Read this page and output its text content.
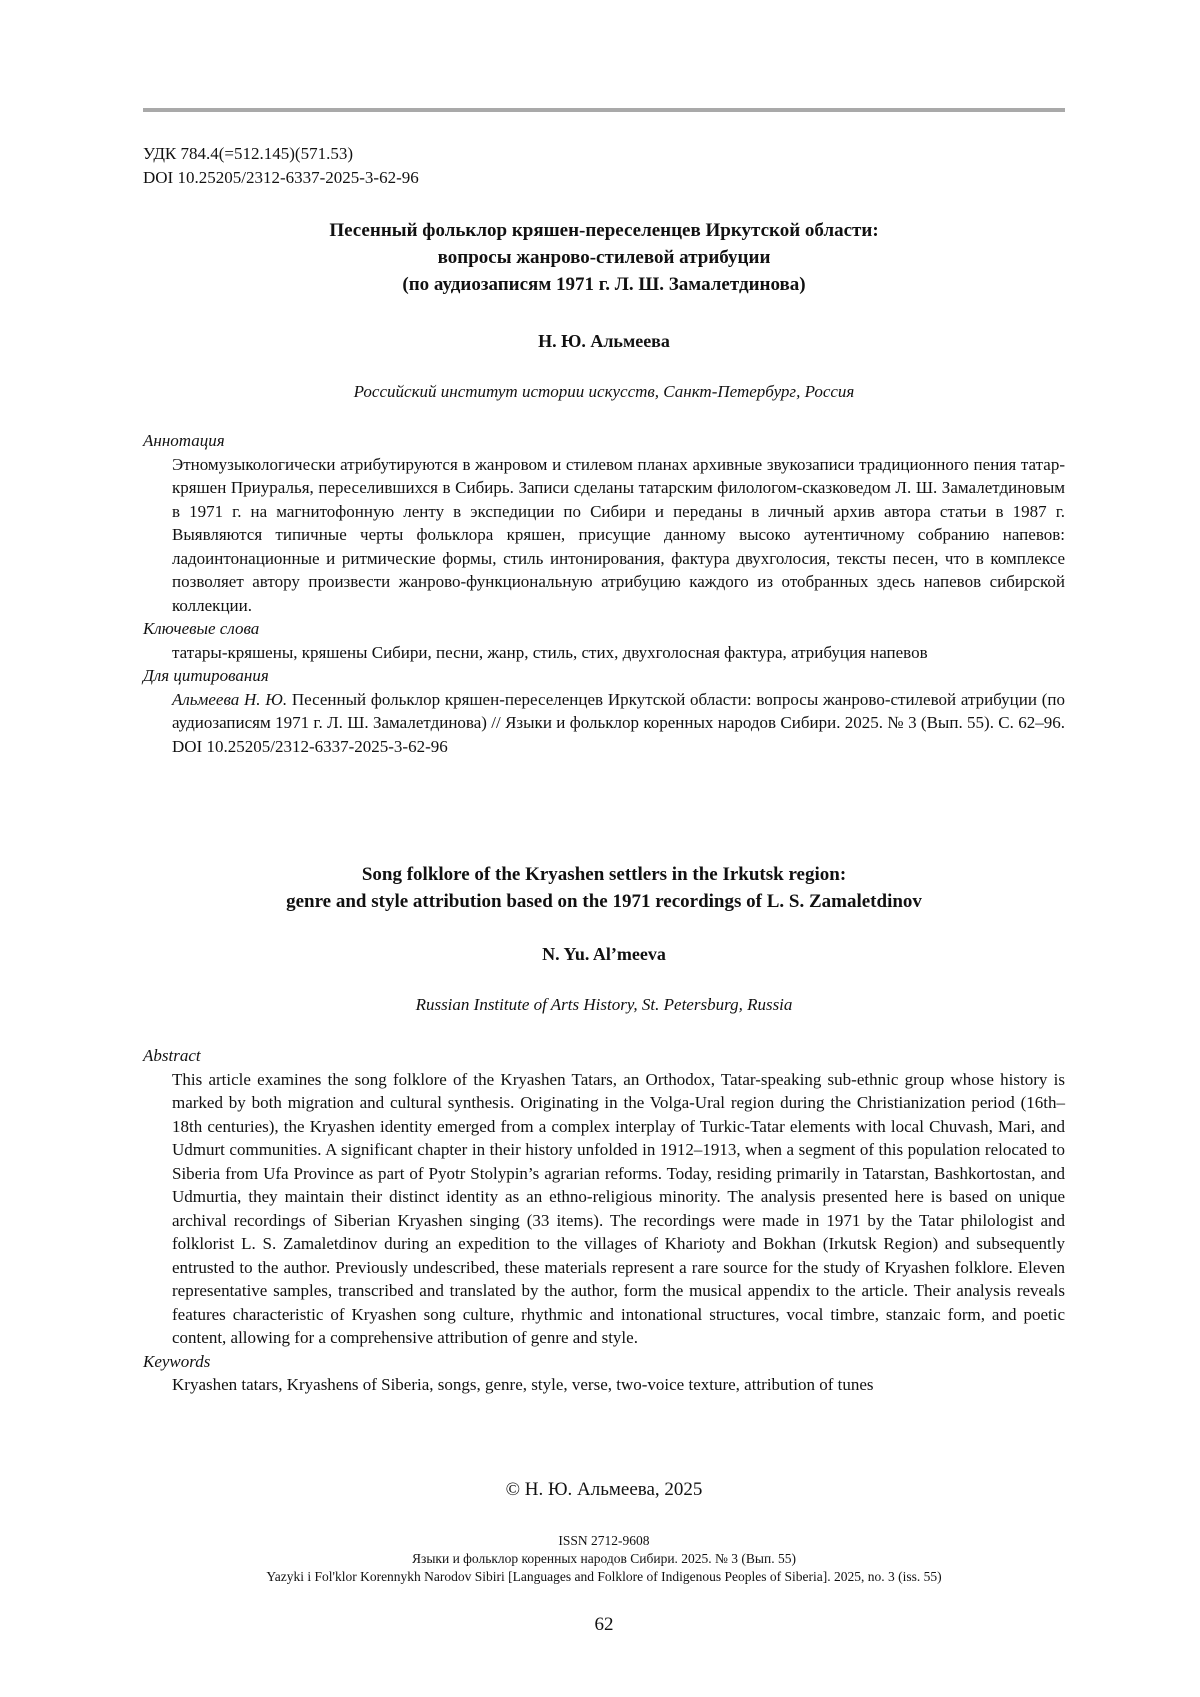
УДК 784.4(=512.145)(571.53)
DOI 10.25205/2312-6337-2025-3-62-96
Песенный фольклор кряшен-переселенцев Иркутской области:
вопросы жанрово-стилевой атрибуции
(по аудиозаписям 1971 г. Л. Ш. Замалетдинова)
Н. Ю. Альмеева
Российский институт истории искусств, Санкт-Петербург, Россия
Аннотация
Этномузыкологически атрибутируются в жанровом и стилевом планах архивные звукозаписи традиционного пения татар-кряшен Приуралья, переселившихся в Сибирь. Записи сделаны татарским филологом-сказковедом Л. Ш. Замалетдиновым в 1971 г. на магнитофонную ленту в экспедиции по Сибири и переданы в личный архив автора статьи в 1987 г. Выявляются типичные черты фольклора кряшен, присущие данному высоко аутентичному собранию напевов: ладоинтонационные и ритмические формы, стиль интонирования, фактура двухголосия, тексты песен, что в комплексе позволяет автору произвести жанрово-функциональную атрибуцию каждого из отобранных здесь напевов сибирской коллекции.
Ключевые слова
татары-кряшены, кряшены Сибири, песни, жанр, стиль, стих, двухголосная фактура, атрибуция напевов
Для цитирования
Альмеева Н. Ю. Песенный фольклор кряшен-переселенцев Иркутской области: вопросы жанрово-стилевой атрибуции (по аудиозаписям 1971 г. Л. Ш. Замалетдинова) // Языки и фольклор коренных народов Сибири. 2025. № 3 (Вып. 55). С. 62–96. DOI 10.25205/2312-6337-2025-3-62-96
Song folklore of the Kryashen settlers in the Irkutsk region:
genre and style attribution based on the 1971 recordings of L. S. Zamaletdinov
N. Yu. Al’meeva
Russian Institute of Arts History, St. Petersburg, Russia
Abstract
This article examines the song folklore of the Kryashen Tatars, an Orthodox, Tatar-speaking sub-ethnic group whose history is marked by both migration and cultural synthesis. Originating in the Volga-Ural region during the Christianization period (16th–18th centuries), the Kryashen identity emerged from a complex interplay of Turkic-Tatar elements with local Chuvash, Mari, and Udmurt communities. A significant chapter in their history unfolded in 1912–1913, when a segment of this population relocated to Siberia from Ufa Province as part of Pyotr Stolypin’s agrarian reforms. Today, residing primarily in Tatarstan, Bashkortostan, and Udmurtia, they maintain their distinct identity as an ethno-religious minority. The analysis presented here is based on unique archival recordings of Siberian Kryashen singing (33 items). The recordings were made in 1971 by the Tatar philologist and folklorist L. S. Zamaletdinov during an expedition to the villages of Khariotу and Bokhan (Irkutsk Region) and subsequently entrusted to the author. Previously undescribed, these materials represent a rare source for the study of Kryashen folklore. Eleven representative samples, transcribed and translated by the author, form the musical appendix to the article. Their analysis reveals features characteristic of Kryashen song culture, rhythmic and intonational structures, vocal timbre, stanzaic form, and poetic content, allowing for a comprehensive attribution of genre and style.
Keywords
Kryashen tatars, Kryashens of Siberia, songs, genre, style, verse, two-voice texture, attribution of tunes
© Н. Ю. Альмеева, 2025
ISSN 2712-9608
Языки и фольклор коренных народов Сибири. 2025. № 3 (Вып. 55)
Yazyki i Fol'klor Korennykh Narodov Sibiri [Languages and Folklore of Indigenous Peoples of Siberia]. 2025, no. 3 (iss. 55)
62
